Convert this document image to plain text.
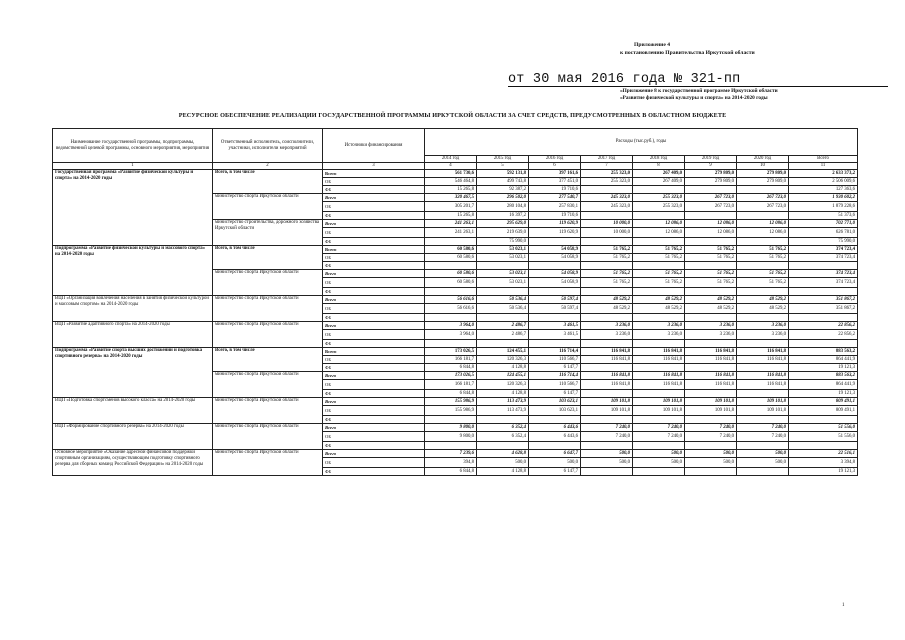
Приложение 4
к постановлению Правительства Иркутской области
от 30 мая 2016 года № 321-пп
«Приложение 8 к государственной программе Иркутской области
«Развитие физической культуры и спорта» на 2014-2020 годы
РЕСУРСНОЕ ОБЕСПЕЧЕНИЕ РЕАЛИЗАЦИИ ГОСУДАРСТВЕННОЙ ПРОГРАММЫ ИРКУТСКОЙ ОБЛАСТИ ЗА СЧЕТ СРЕДСТВ, ПРЕДУСМОТРЕННЫХ В ОБЛАСТНОМ БЮДЖЕТЕ
Наименование государственной программы, подпрограммы, ведомственной целевой программы, основного мероприятия, мероприятия	Ответственный исполнитель, соисполнители, участники, исполнители мероприятий	Источники финансирования	Расходы (тыс.руб.), годы							
			2014 год	2015 год	2016 год	2017 год	2018 год	2019 год	2020 год	Всего
1	2	3	4	5	6	7	8	9	10	11
Государственная программа «Развитие физической культуры и спорта» на 2014-2020 годы	Всего, в том числе	Всего	561 730,6	592 131,8	397 161,6	255 323,0	267 409,0	279 809,0	279 809,0	2 633 373,2
		ОБ	546 464,8	499 743,8	377 451,0	255 323,0	267 409,0	279 809,0	279 809,0	2 506 009,6
		ФБ	15 265,8	92 387,2	19 710,6					127 363,6
	министерство спорта Иркутской области	Всего	320 467,5	296 502,0	277 540,7	245 323,0	255 323,0	267 723,0	267 723,0	1 930 602,2
		ОБ	305 201,7	280 104,8	257 830,1	245 323,0	255 323,0	267 723,0	267 723,0	1 879 228,6
		ФБ	15 265,8	16 397,2	19 710,6					51 373,6
	министерство строительства, дорожного хозяйства Иркутской области	Всего	241 263,1	295 629,0	119 620,9	10 000,0	12 086,0	12 086,0	12 086,0	702 771,0
		ОБ	241 263,1	219 639,0	119 620,9	10 000,0	12 086,0	12 086,0	12 086,0	626 781,0
		ФБ		75 990,0						75 990,0
Подпрограмма «Развитие физической культуры и массового спорта» на 2014-2020 годы	Всего, в том числе	Всего	60 580,6	53 023,1	54 058,9	51 765,2	51 765,2	51 765,2	51 765,2	374 723,4
		ОБ	60 580,6	53 023,1	54 058,9	51 765,2	51 765,2	51 765,2	51 765,2	374 723,4
		ФБ								
	министерство спорта Иркутской области	Всего	60 580,6	53 023,1	54 058,9	51 765,2	51 765,2	51 765,2	51 765,2	374 723,4
		ОБ	60 580,6	53 023,1	54 058,9	51 765,2	51 765,2	51 765,2	51 765,2	374 723,4
		ФБ								
ВЦП «Организация вовлечения населения в занятия физической культурой и массовым спортом» на 2014-2020 годы	министерство спорта Иркутской области	Всего	56 616,6	50 536,4	50 597,4	48 529,2	48 529,2	48 529,2	48 529,2	351 867,2
		ОБ	56 616,6	50 536,4	50 597,4	48 529,2	48 529,2	48 529,2	48 529,2	351 867,2
		ФБ								
ВЦП «Развитие адаптивного спорта» на 2014-2020 годы	министерство спорта Иркутской области	Всего	3 964,0	2 486,7	3 461,5	3 236,0	3 236,0	3 236,0	3 236,0	22 856,2
		ОБ	3 964,0	2 486,7	3 461,5	3 236,0	3 236,0	3 236,0	3 236,0	22 856,2
		ФБ								
Подпрограмма «Развитие спорта высших достижений и подготовка спортивного резерва» на 2014-2020 годы	Всего, в том числе	Всего	173 026,5	124 455,1	116 714,4	116 841,8	116 841,8	116 841,8	116 841,8	883 563,2
		ОБ	166 181,7	120 326,3	110 566,7	116 841,8	116 841,8	116 841,8	116 841,8	864 441,9
		ФБ	6 844,8	4 128,8	6 147,7					19 121,3
	министерство спорта Иркутской области	Всего	173 026,5	124 455,1	116 714,4	116 841,8	116 841,8	116 841,8	116 841,8	883 563,2
		ОБ	166 181,7	120 326,3	110 566,7	116 841,8	116 841,8	116 841,8	116 841,8	864 441,9
		ФБ	6 844,8	4 128,8	6 147,7					19 121,3
ВЦП «Подготовка спортсменов высокого класса» на 2014-2020 годы	министерство спорта Иркутской области	Всего	155 986,9	113 473,9	103 623,1	109 101,8	109 101,8	109 101,8	109 101,8	809 491,1
		ОБ	155 986,9	113 473,9	103 623,1	109 101,8	109 101,8	109 101,8	109 101,8	809 491,1
		ФБ								
ВЦП «Формирование спортивного резерва» на 2014-2020 годы	министерство спорта Иркутской области	Всего	9 800,0	6 352,4	6 443,6	7 240,0	7 240,0	7 240,0	7 240,0	51 556,0
		ОБ	9 800,0	6 352,4	6 443,6	7 240,0	7 240,0	7 240,0	7 240,0	51 556,0
		ФБ								
Основное мероприятие «Оказание адресной финансовой поддержки спортивным организациям, осуществляющим подготовку спортивного резерва для сборных команд Российской Федерации» на 2014-2020 годы	министерство спорта Иркутской области	Всего	7 239,6	4 628,8	6 647,7	500,0	500,0	500,0	500,0	22 516,1
		ОБ	394,8	500,0	500,0	500,0	500,0	500,0	500,0	3 394,8
		ФБ	6 844,8	4 128,8	6 147,7					19 121,3
1
